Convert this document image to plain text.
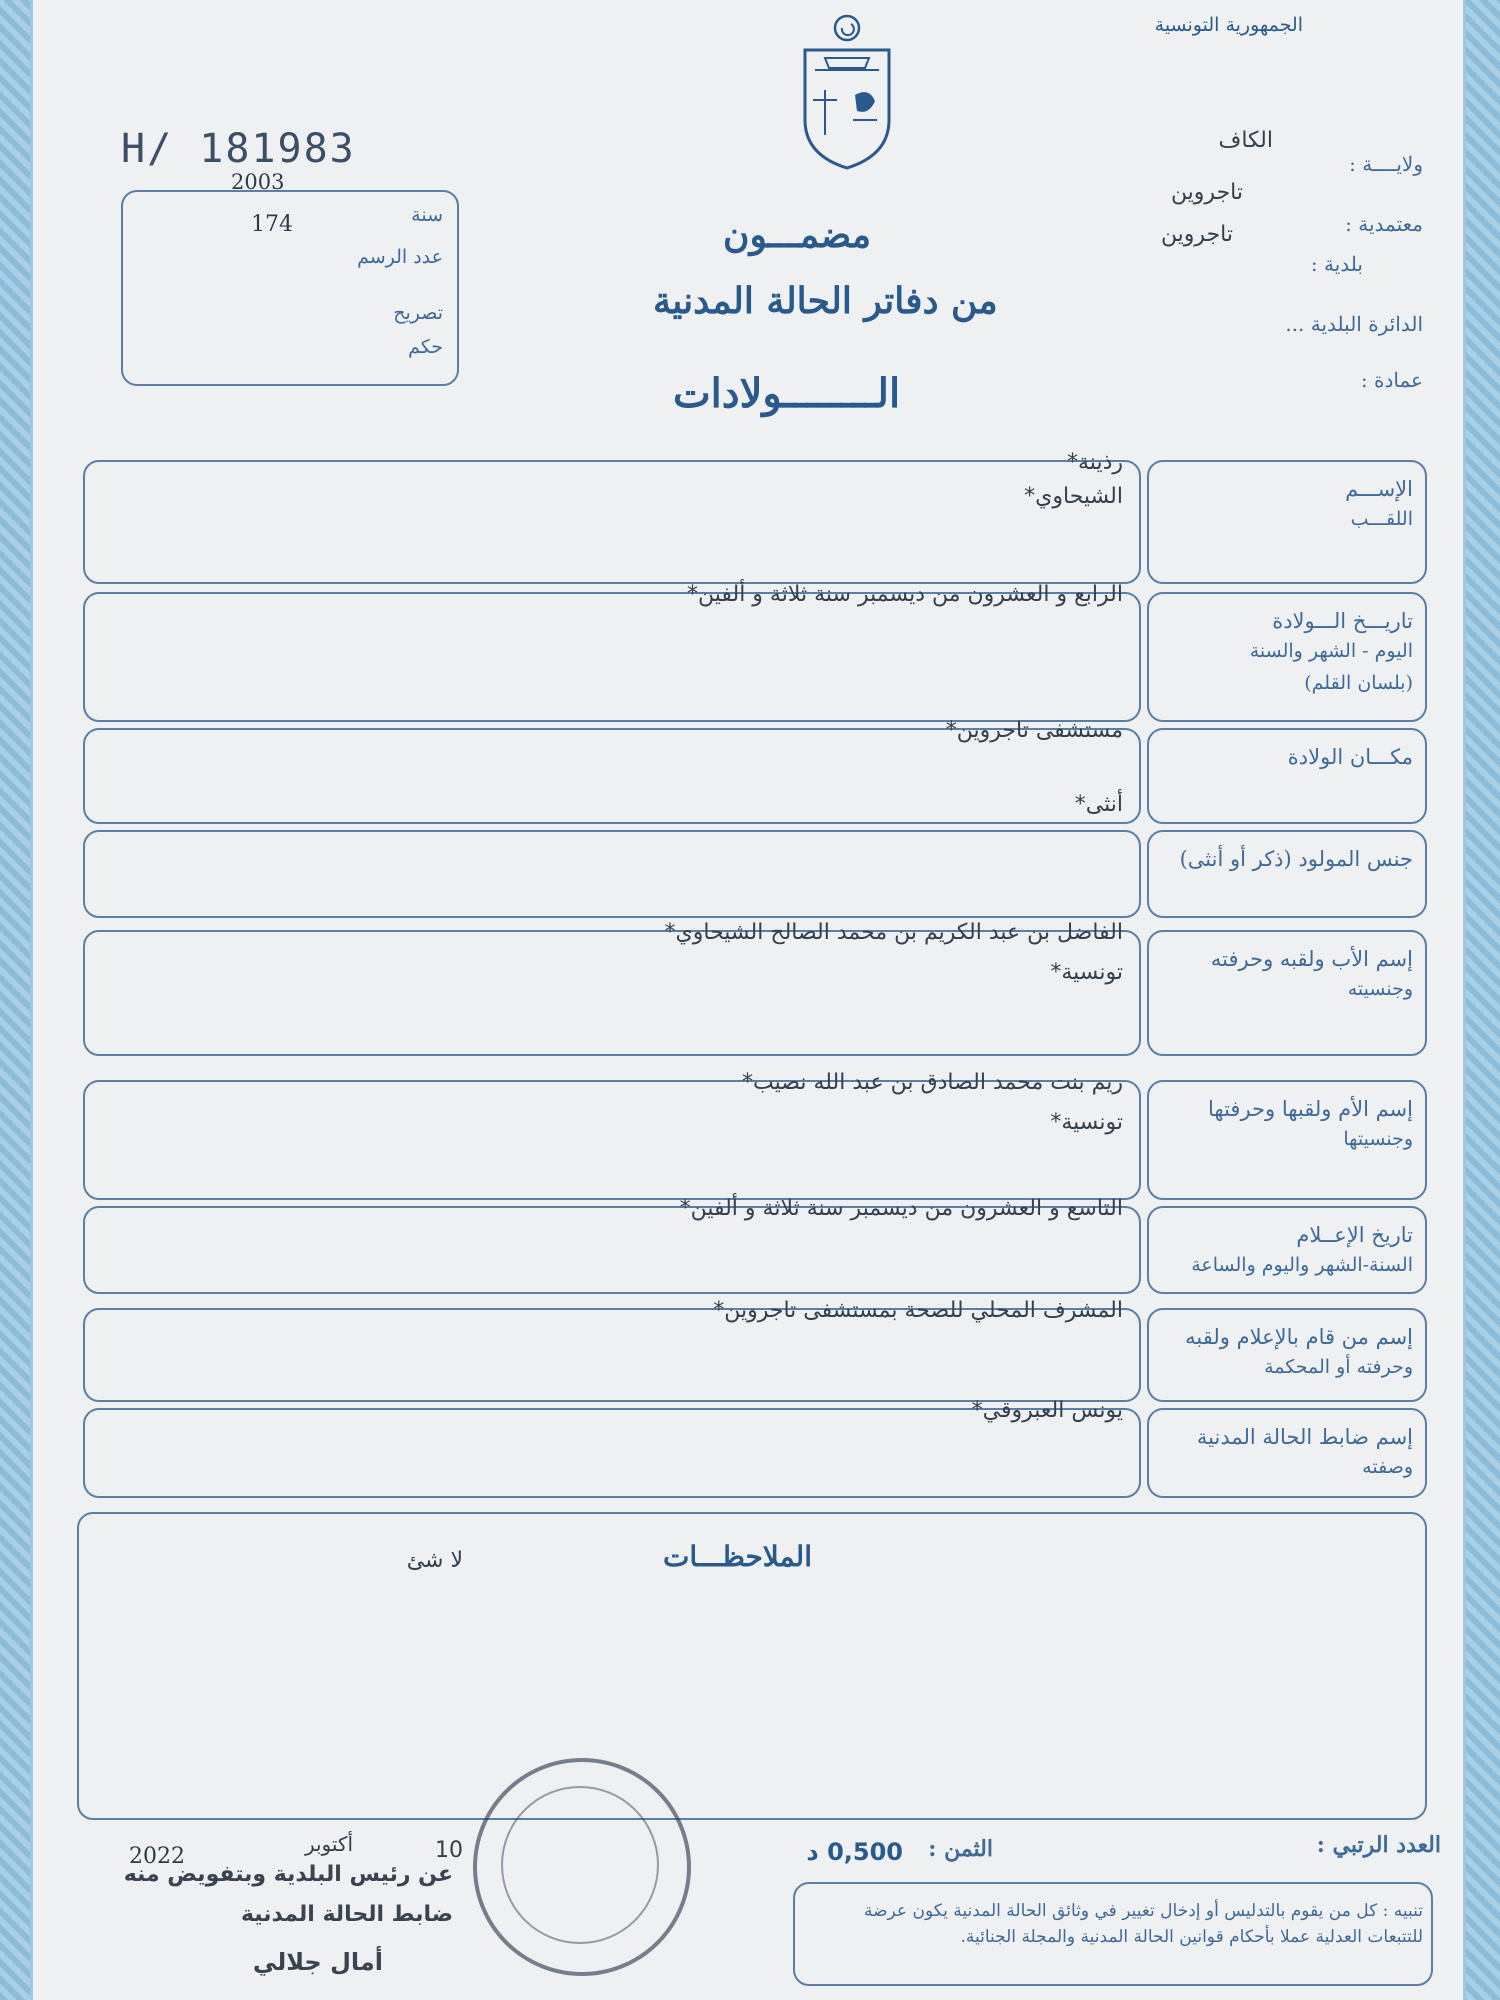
الجمهورية التونسية
H/ 181983
2003
سنة
174
عدد الرسم
تصريح
حكم
مضمـــون
من دفاتر الحالة المدنية
الــــــــولادات
ولايــــة :
الكاف
معتمدية :
تاجروين
بلدية :
تاجروين
الدائرة البلدية ...
عمادة :
الإســـم
اللقـــب
رذينة*
الشيحاوي*
تاريـــخ الـــولادة
اليوم - الشهر والسنة
(بلسان القلم)
الرابع و العشرون من ديسمبر سنة ثلاثة و ألفين*
مكـــان الولادة
مستشفى تاجروين*
أنثى*
جنس المولود (ذكر أو أنثى)
إسم الأب ولقبه وحرفته
وجنسيته
الفاضل بن عبد الكريم بن محمد الصالح الشيحاوي*
تونسية*
إسم الأم ولقبها وحرفتها
وجنسيتها
ريم بنت محمد الصادق بن عبد الله نصيب*
تونسية*
تاريخ الإعــلام
السنة-الشهر واليوم والساعة
التاسع و العشرون من ديسمبر سنة ثلاثة و ألفين*
إسم من قام بالإعلام ولقبه
وحرفته أو المحكمة
المشرف المحلي للصحة بمستشفى تاجروين*
إسم ضابط الحالة المدنية
وصفته
يونس العبروقي*
الملاحظـــات
لا شئ
العدد الرتبي :
الثمن :
0,500 د
2022	أكتوبر	10
عن رئيس البلدية وبتفويض منه
ضابط الحالة المدنية
أمال جلالي
تنبيه : كل من يقوم بالتدليس أو إدخال تغيير في وثائق الحالة المدنية يكون عرضة للتتبعات العدلية عملا بأحكام قوانين الحالة المدنية والمجلة الجنائية.
